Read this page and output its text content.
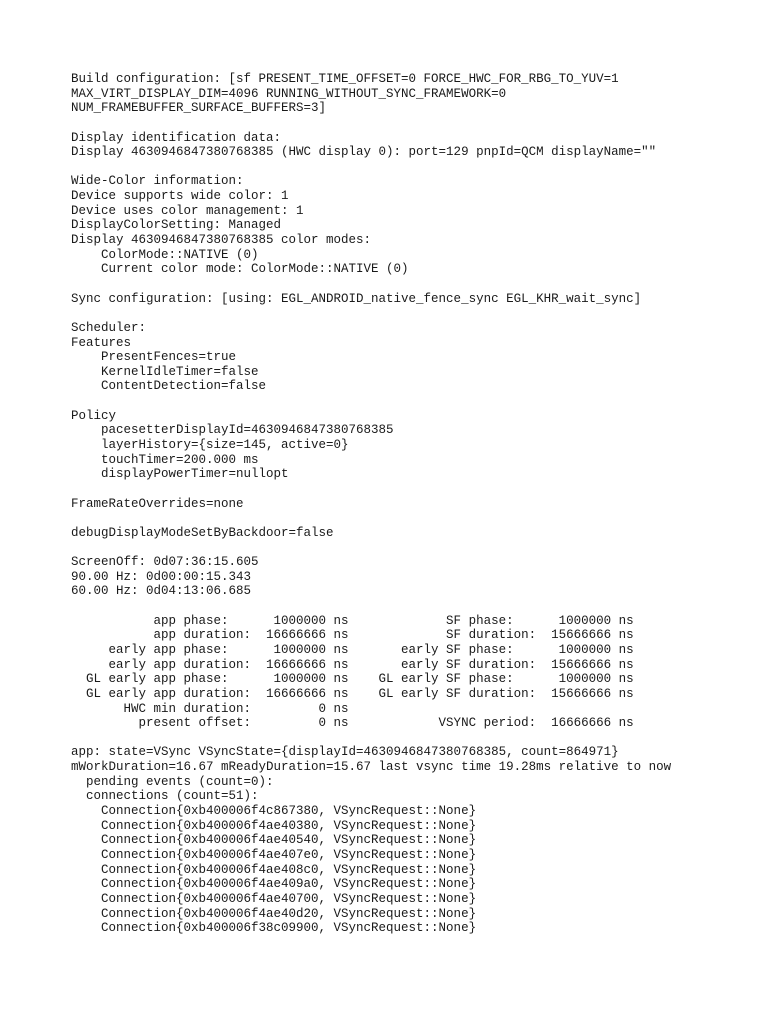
Build configuration: [sf PRESENT_TIME_OFFSET=0 FORCE_HWC_FOR_RBG_TO_YUV=1
MAX_VIRT_DISPLAY_DIM=4096 RUNNING_WITHOUT_SYNC_FRAMEWORK=0
NUM_FRAMEBUFFER_SURFACE_BUFFERS=3]
Display identification data:
Display 4630946847380768385 (HWC display 0): port=129 pnpId=QCM displayName=""
Wide-Color information:
Device supports wide color: 1
Device uses color management: 1
DisplayColorSetting: Managed
Display 4630946847380768385 color modes:
ColorMode::NATIVE (0)
Current color mode: ColorMode::NATIVE (0)
Sync configuration: [using: EGL_ANDROID_native_fence_sync EGL_KHR_wait_sync]
Scheduler:
Features
PresentFences=true
KernelIdleTimer=false
ContentDetection=false
Policy
pacesetterDisplayId=4630946847380768385
layerHistory={size=145, active=0}
touchTimer=200.000 ms
displayPowerTimer=nullopt
FrameRateOverrides=none
debugDisplayModeSetByBackdoor=false
ScreenOff: 0d07:36:15.605
90.00 Hz: 0d00:00:15.343
60.00 Hz: 0d04:13:06.685
app phase:      1000000 ns             SF phase:      1000000 ns
app duration:  16666666 ns             SF duration:  15666666 ns
early app phase:      1000000 ns       early SF phase:      1000000 ns
early app duration:  16666666 ns       early SF duration:  15666666 ns
GL early app phase:      1000000 ns    GL early SF phase:      1000000 ns
GL early app duration:  16666666 ns    GL early SF duration:  15666666 ns
HWC min duration:         0 ns
present offset:         0 ns            VSYNC period:  16666666 ns
app: state=VSync VSyncState={displayId=4630946847380768385, count=864971}
mWorkDuration=16.67 mReadyDuration=15.67 last vsync time 19.28ms relative to now
pending events (count=0):
connections (count=51):
Connection{0xb400006f4c867380, VSyncRequest::None}
Connection{0xb400006f4ae40380, VSyncRequest::None}
Connection{0xb400006f4ae40540, VSyncRequest::None}
Connection{0xb400006f4ae407e0, VSyncRequest::None}
Connection{0xb400006f4ae408c0, VSyncRequest::None}
Connection{0xb400006f4ae409a0, VSyncRequest::None}
Connection{0xb400006f4ae40700, VSyncRequest::None}
Connection{0xb400006f4ae40d20, VSyncRequest::None}
Connection{0xb400006f38c09900, VSyncRequest::None}
